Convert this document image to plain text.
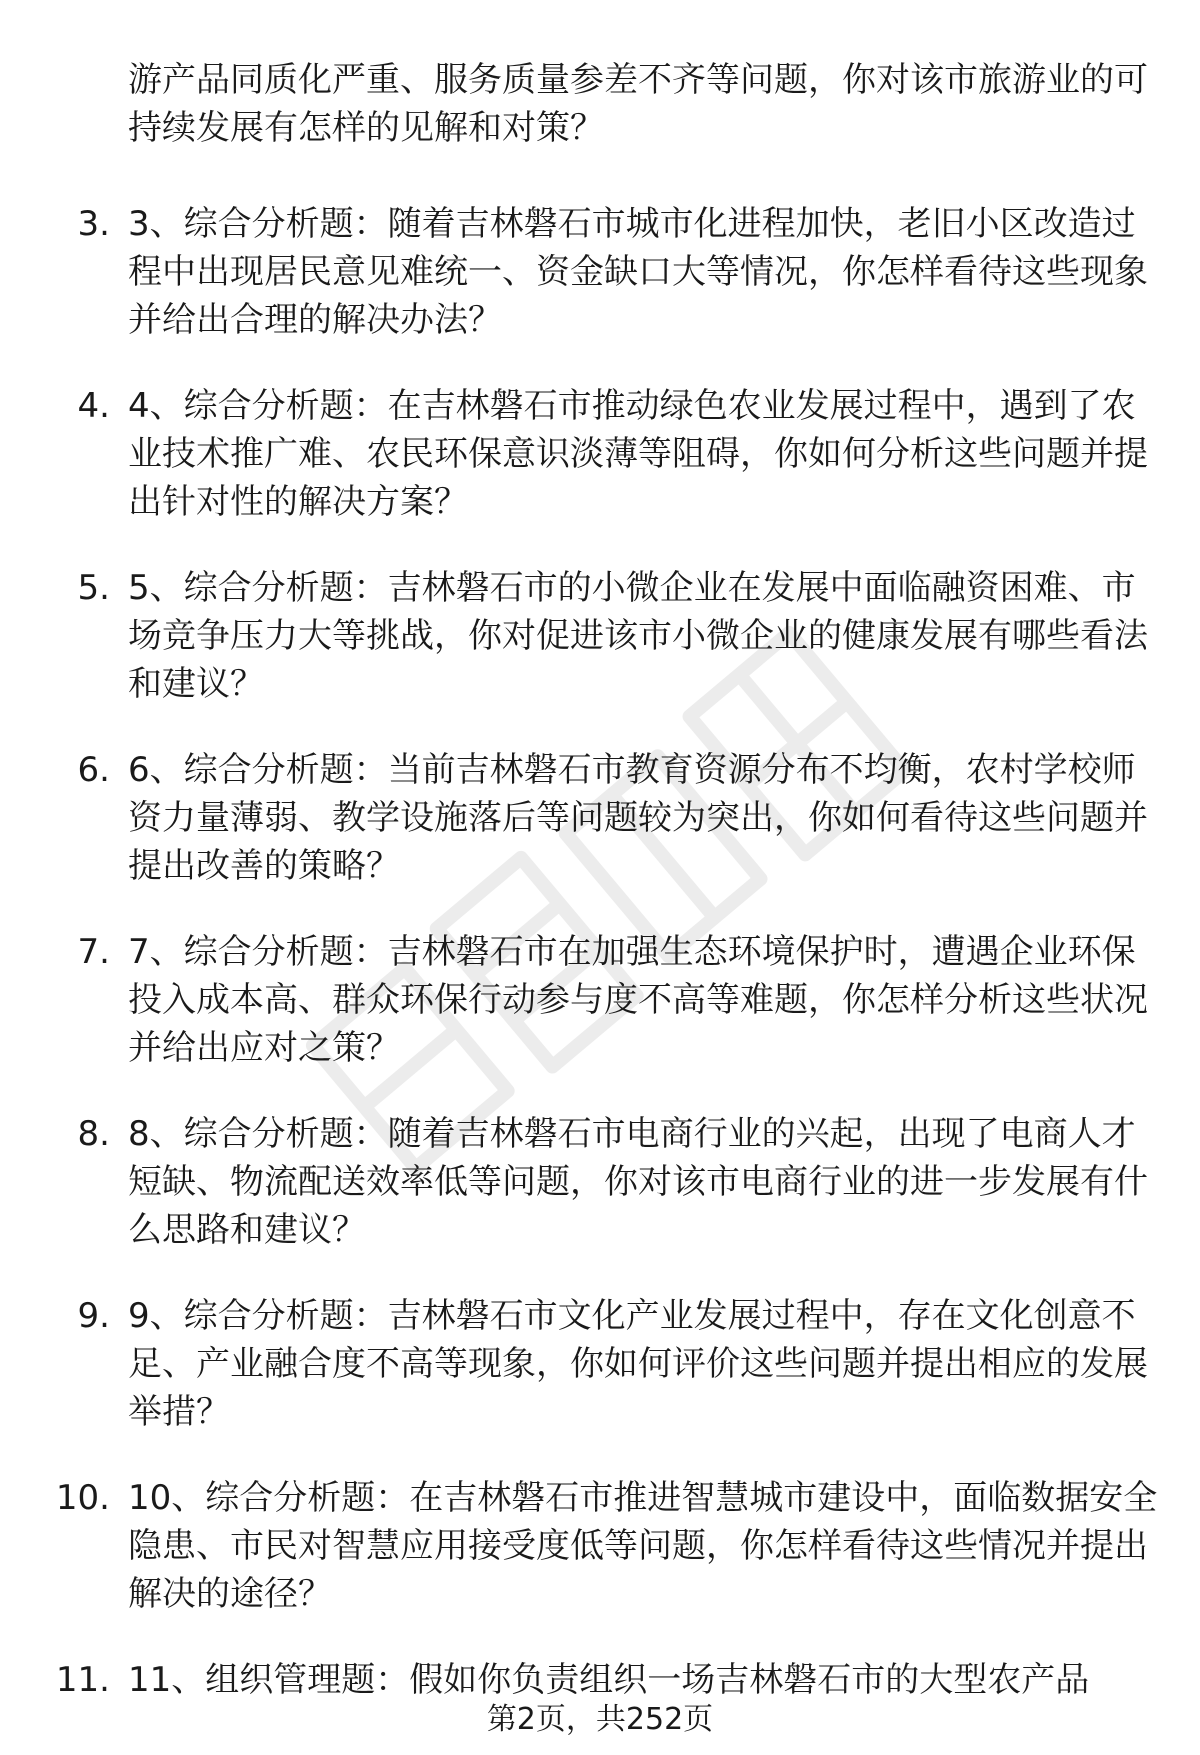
游产品同质化严重、服务质量参差不齐等问题，你对该市旅游业的可持续发展有怎样的见解和对策？

3. 3、综合分析题：随着吉林磐石市城市化进程加快，老旧小区改造过程中出现居民意见难统一、资金缺口大等情况，你怎样看待这些现象并给出合理的解决办法？
4. 4、综合分析题：在吉林磐石市推动绿色农业发展过程中，遇到了农业技术推广难、农民环保意识淡薄等阻碍，你如何分析这些问题并提出针对性的解决方案？
5. 5、综合分析题：吉林磐石市的小微企业在发展中面临融资困难、市场竞争压力大等挑战，你对促进该市小微企业的健康发展有哪些看法和建议？
6. 6、综合分析题：当前吉林磐石市教育资源分布不均衡，农村学校师资力量薄弱、教学设施落后等问题较为突出，你如何看待这些问题并提出改善的策略？
7. 7、综合分析题：吉林磐石市在加强生态环境保护时，遭遇企业环保投入成本高、群众环保行动参与度不高等难题，你怎样分析这些状况并给出应对之策？
8. 8、综合分析题：随着吉林磐石市电商行业的兴起，出现了电商人才短缺、物流配送效率低等问题，你对该市电商行业的进一步发展有什么思路和建议？
9. 9、综合分析题：吉林磐石市文化产业发展过程中，存在文化创意不足、产业融合度不高等现象，你如何评价这些问题并提出相应的发展举措？
10. 10、综合分析题：在吉林磐石市推进智慧城市建设中，面临数据安全隐患、市民对智慧应用接受度低等问题，你怎样看待这些情况并提出解决的途径？
11. 11、组织管理题：假如你负责组织一场吉林磐石市的大型农产品

第2页，共252页
